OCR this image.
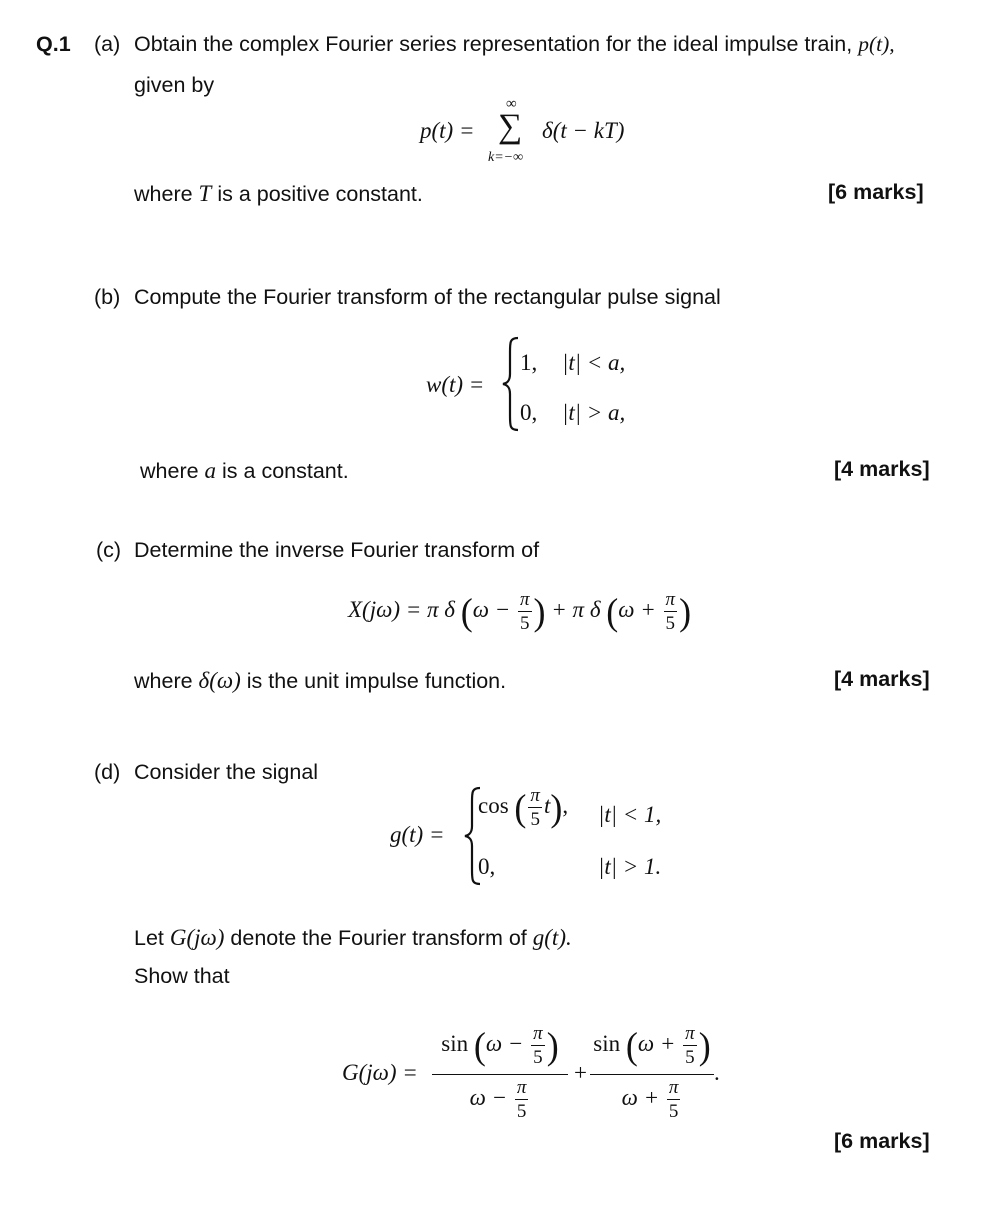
Q.1 (a) Obtain the complex Fourier series representation for the ideal impulse train, p(t),
given by
p(t) =
∞
∑
k=−∞
δ(t − kT)
where T is a positive constant.	[6 marks]
(b) Compute the Fourier transform of the rectangular pulse signal
w(t) =
1, |t| < a,
0, |t| > a,
where a is a constant.	[4 marks]
(c) Determine the inverse Fourier transform of
X(jω) = π δ ($\omega - \frac{\pi}{5}$ ) + π δ ($\omega + \frac{\pi}{5}$ )
where δ(ω) is the unit impulse function.	[4 marks]
(d) Consider the signal
g(t) =
cos ( $\frac{\pi}{5} t$), |t| < 1,
0,	|t| > 1.
Let G(jω) denote the Fourier transform of g(t).
Show that
G(jω) =
$\sin (\omega - \frac{\pi}{5}$ )
$\omega - \frac{\pi}{5}$
+
$\sin (\omega + \frac{\pi}{5}$ )
$\omega + \frac{\pi}{5}$
.
[6 marks]
